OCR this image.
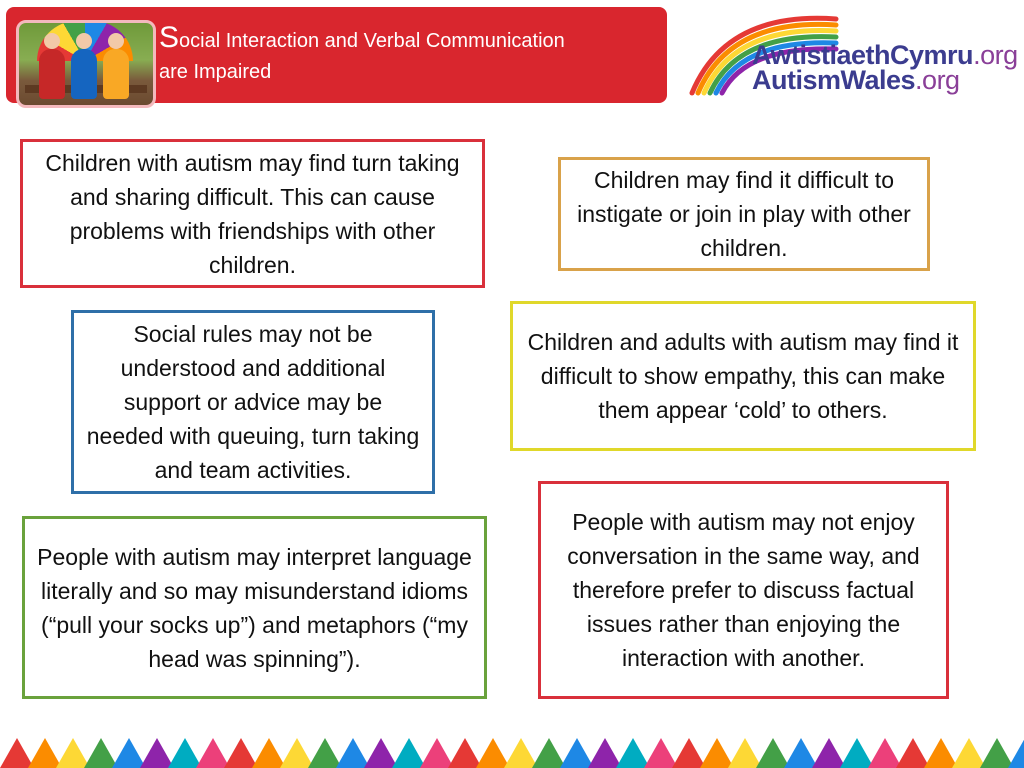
Social Interaction and Verbal Communication
are Impaired
AwtistiaethCymru.org
AutismWales.org
Children with autism may find turn taking and sharing difficult. This can cause problems with friendships with other children.
Children may find it difficult to instigate or join in play with other children.
Social rules may not be understood and additional support or advice may be needed with queuing, turn taking and team activities.
Children and adults with autism may find it difficult to show empathy, this can make them appear ‘cold’ to others.
People with autism may not enjoy conversation in the same way, and therefore prefer to discuss factual issues rather than enjoying the interaction with another.
People with autism may interpret language literally and so may misunderstand idioms (“pull your socks up”) and metaphors (“my head was spinning”).
